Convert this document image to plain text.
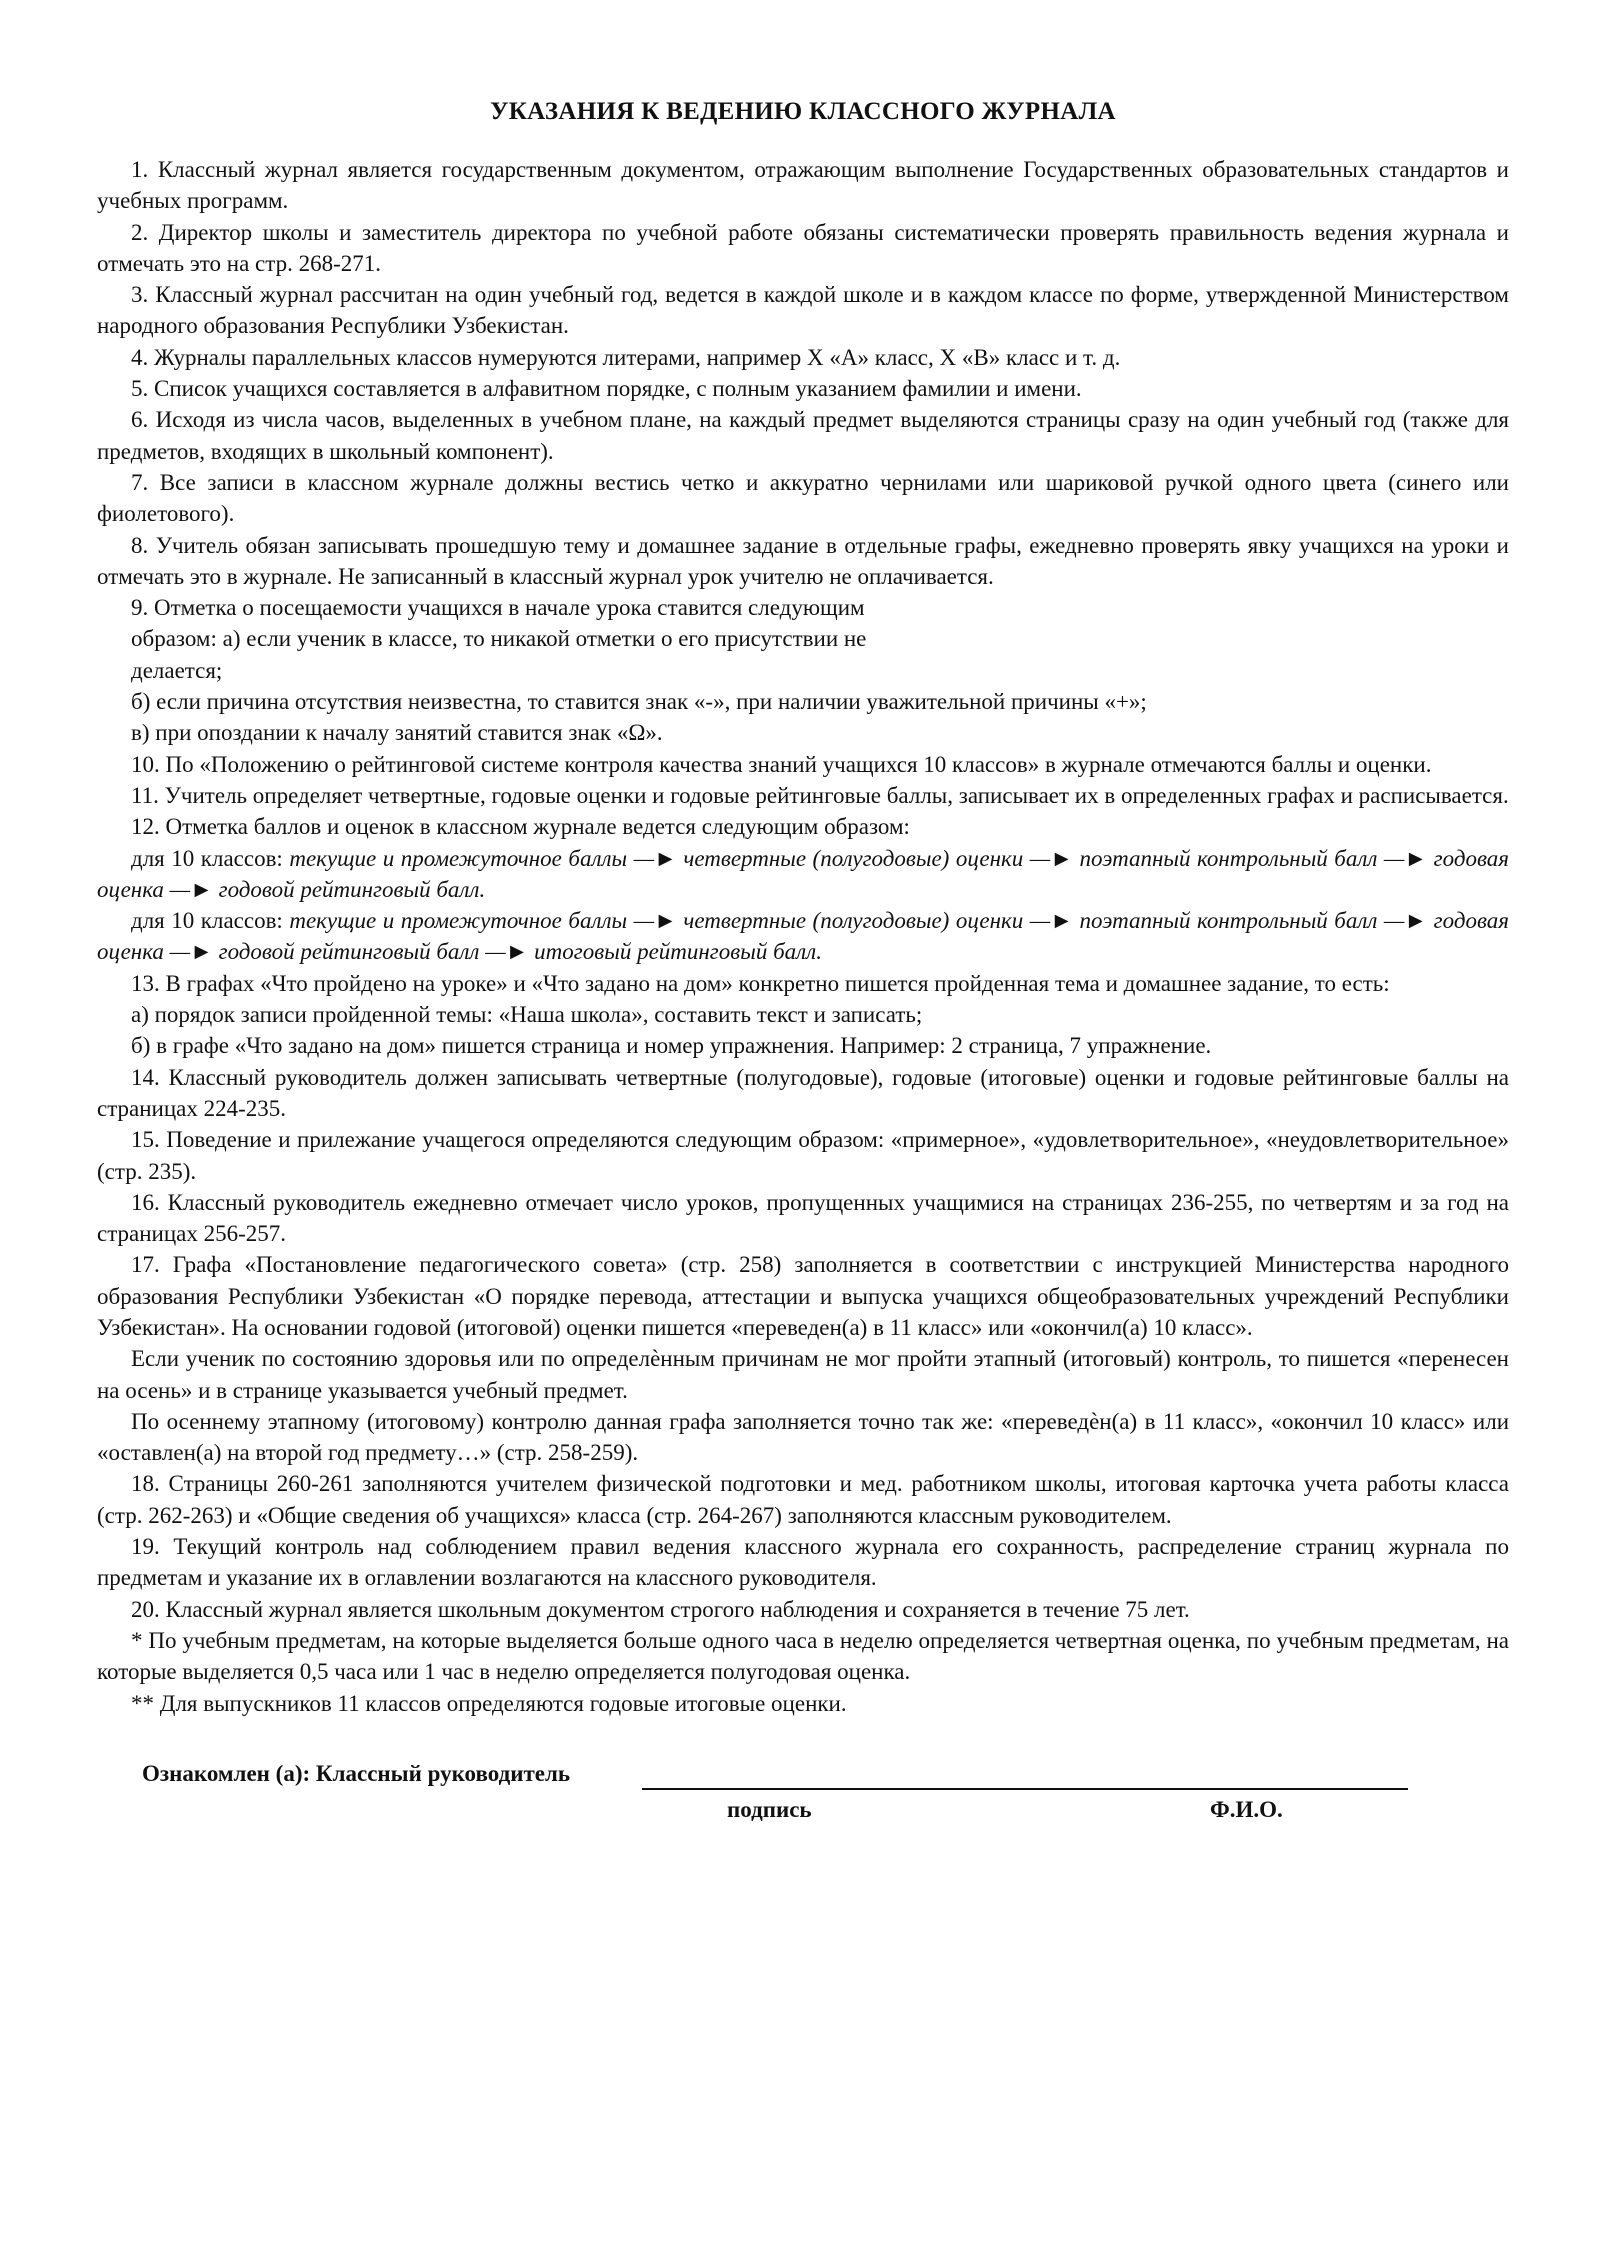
УКАЗАНИЯ К ВЕДЕНИЮ КЛАССНОГО ЖУРНАЛА

1. Классный журнал является государственным документом, отражающим выполнение Государственных образовательных стандартов и учебных программ.

2. Директор школы и заместитель директора по учебной работе обязаны систематически проверять правильность ведения журнала и отмечать это на стр. 268-271.

3. Классный журнал рассчитан на один учебный год, ведется в каждой школе и в каждом классе по форме, утвержденной Министерством народного образования Республики Узбекистан.

4. Журналы параллельных классов нумеруются литерами, например Х «А» класс, Х «В» класс и т. д.

5. Список учащихся составляется в алфавитном порядке, с полным указанием фамилии и имени.

6. Исходя из числа часов, выделенных в учебном плане, на каждый предмет выделяются страницы сразу на один учебный год (также для предметов, входящих в школьный компонент).

7. Все записи в классном журнале должны вестись четко и аккуратно чернилами или шариковой ручкой одного цвета (синего или фиолетового).

8. Учитель обязан записывать прошедшую тему и домашнее задание в отдельные графы, ежедневно проверять явку учащихся на уроки и отмечать это в журнале. Не записанный в классный журнал урок учителю не оплачивается.

9. Отметка о посещаемости учащихся в начале урока ставится следующим

образом: а) если ученик в классе, то никакой отметки о его присутствии не

делается;

б) если причина отсутствия неизвестна, то ставится знак «-», при наличии уважительной причины «+»;

в) при опоздании к началу занятий ставится знак «Ω».

10. По «Положению о рейтинговой системе контроля качества знаний учащихся 10 классов» в журнале отмечаются баллы и оценки.

11. Учитель определяет четвертные, годовые оценки и годовые рейтинговые баллы, записывает их в определенных графах и расписывается.

12. Отметка баллов и оценок в классном журнале ведется следующим образом:

для 10 классов: текущие и промежуточное баллы —► четвертные (полугодовые) оценки —► поэтапный контрольный балл —► годовая оценка —► годовой рейтинговый балл.

для 10 классов: текущие и промежуточное баллы —► четвертные (полугодовые) оценки —► поэтапный контрольный балл —► годовая оценка —► годовой рейтинговый балл —► итоговый рейтинговый балл.

13. В графах «Что пройдено на уроке» и «Что задано на дом» конкретно пишется пройденная тема и домашнее задание, то есть:

а) порядок записи пройденной темы: «Наша школа», составить текст и записать;

б) в графе «Что задано на дом» пишется страница и номер упражнения. Например: 2 страница, 7 упражнение.

14. Классный руководитель должен записывать четвертные (полугодовые), годовые (итоговые) оценки и годовые рейтинговые баллы на страницах 224-235.

15. Поведение и прилежание учащегося определяются следующим образом: «примерное», «удовлетворительное», «неудовлетворительное» (стр. 235).

16. Классный руководитель ежедневно отмечает число уроков, пропущенных учащимися на страницах 236-255, по четвертям и за год на страницах 256-257.

17. Графа «Постановление педагогического совета» (стр. 258) заполняется в соответствии с инструкцией Министерства народного образования Республики Узбекистан «О порядке перевода, аттестации и выпуска учащихся общеобразовательных учреждений Республики Узбекистан». На основании годовой (итоговой) оценки пишется «переведен(а) в 11 класс» или «окончил(а) 10 класс».

Если ученик по состоянию здоровья или по определѐнным причинам не мог пройти этапный (итоговый) контроль, то пишется «перенесен на осень» и в странице указывается учебный предмет.

По осеннему этапному (итоговому) контролю данная графа заполняется точно так же: «переведѐн(а) в 11 класс», «окончил 10 класс» или «оставлен(а) на второй год предмету…» (стр. 258-259).

18. Страницы 260-261 заполняются учителем физической подготовки и мед. работником школы, итоговая карточка учета работы класса (стр. 262-263) и «Общие сведения об учащихся» класса (стр. 264-267) заполняются классным руководителем.

19. Текущий контроль над соблюдением правил ведения классного журнала его сохранность, распределение страниц журнала по предметам и указание их в оглавлении возлагаются на классного руководителя.

20. Классный журнал является школьным документом строгого наблюдения и сохраняется в течение 75 лет.

* По учебным предметам, на которые выделяется больше одного часа в неделю определяется четвертная оценка, по учебным предметам, на которые выделяется 0,5 часа или 1 час в неделю определяется полугодовая оценка.

** Для выпускников 11 классов определяются годовые итоговые оценки.

Ознакомлен (а): Классный руководитель
подпись	Ф.И.О.
